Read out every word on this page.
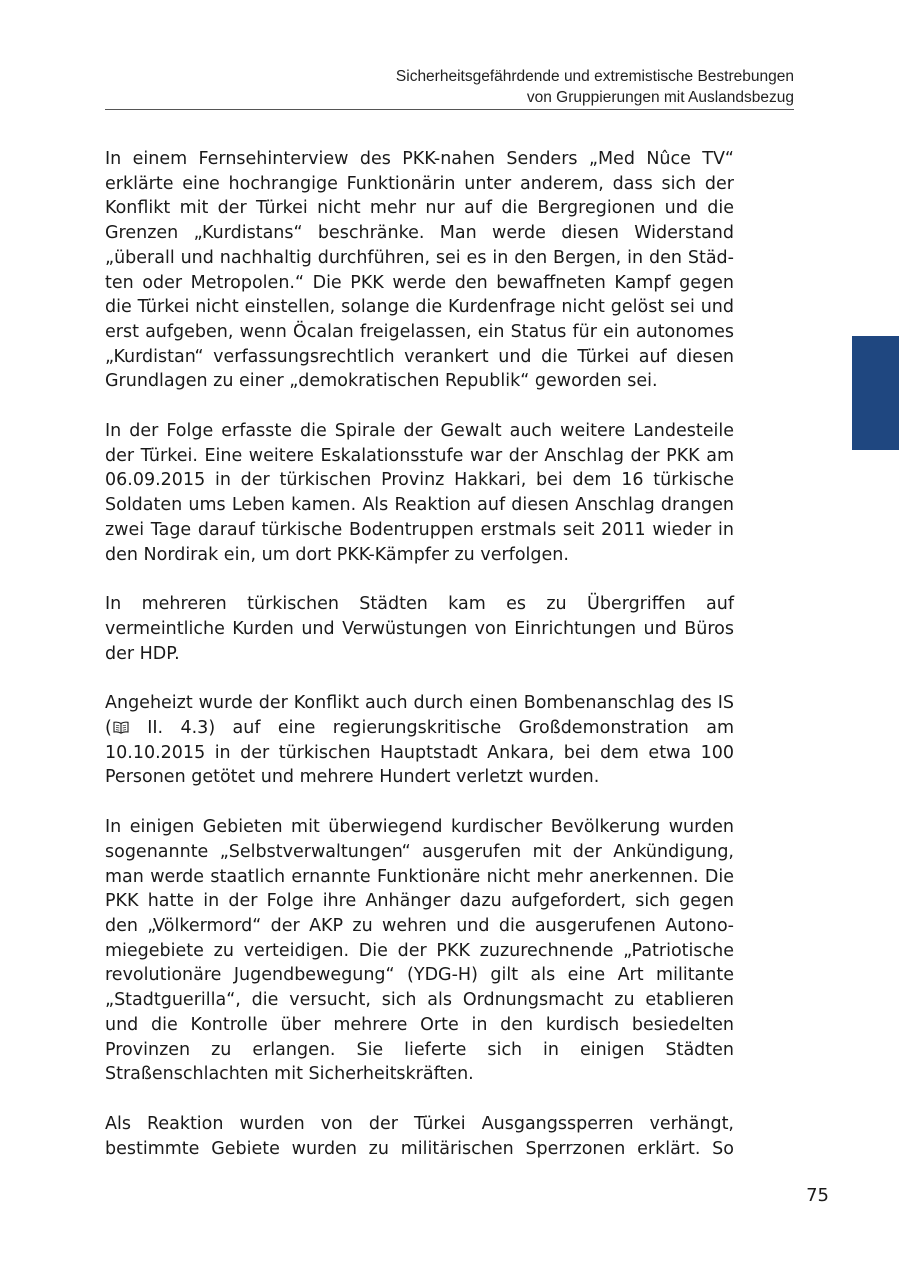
Sicherheitsgefährdende und extremistische Bestrebungen
von Gruppierungen mit Auslandsbezug

In einem Fernsehinterview des PKK-nahen Senders „Med Nûce TV“ erklärte eine hochrangige Funktionärin unter anderem, dass sich der Konflikt mit der Türkei nicht mehr nur auf die Bergregionen und die Grenzen „Kurdistans“ beschränke. Man werde diesen Widerstand „überall und nachhaltig durchführen, sei es in den Bergen, in den Städten oder Metropolen.“ Die PKK werde den bewaffneten Kampf gegen die Türkei nicht einstellen, solange die Kurdenfrage nicht gelöst sei und erst aufgeben, wenn Öcalan freigelassen, ein Status für ein autonomes „Kurdistan“ verfassungsrechtlich verankert und die Türkei auf diesen Grundlagen zu einer „demokratischen Republik“ geworden sei.

In der Folge erfasste die Spirale der Gewalt auch weitere Landesteile der Türkei. Eine weitere Eskalationsstufe war der Anschlag der PKK am 06.09.2015 in der türkischen Provinz Hakkari, bei dem 16 türkische Soldaten ums Leben kamen. Als Reaktion auf diesen Anschlag drangen zwei Tage darauf türkische Bodentruppen erstmals seit 2011 wieder in den Nordirak ein, um dort PKK-Kämpfer zu verfolgen.

In mehreren türkischen Städten kam es zu Übergriffen auf vermeintliche Kurden und Verwüstungen von Einrichtungen und Büros der HDP.

Angeheizt wurde der Konflikt auch durch einen Bombenanschlag des IS ( II. 4.3) auf eine regierungskritische Großdemonstration am 10.10.2015 in der türkischen Hauptstadt Ankara, bei dem etwa 100 Personen getötet und mehrere Hundert verletzt wurden.

In einigen Gebieten mit überwiegend kurdischer Bevölkerung wurden sogenannte „Selbstverwaltungen“ ausgerufen mit der Ankündigung, man werde staatlich ernannte Funktionäre nicht mehr anerkennen. Die PKK hatte in der Folge ihre Anhänger dazu aufgefordert, sich gegen den „Völkermord“ der AKP zu wehren und die ausgerufenen Autonomiegebiete zu verteidigen. Die der PKK zuzurechnende „Patriotische revolutionäre Jugendbewegung“ (YDG-H) gilt als eine Art militante „Stadtguerilla“, die versucht, sich als Ordnungsmacht zu etablieren und die Kontrolle über mehrere Orte in den kurdisch besiedelten Provinzen zu erlangen. Sie lieferte sich in einigen Städten Straßenschlachten mit Sicherheitskräften.

Als Reaktion wurden von der Türkei Ausgangssperren verhängt, bestimmte Gebiete wurden zu militärischen Sperrzonen erklärt. So

75
